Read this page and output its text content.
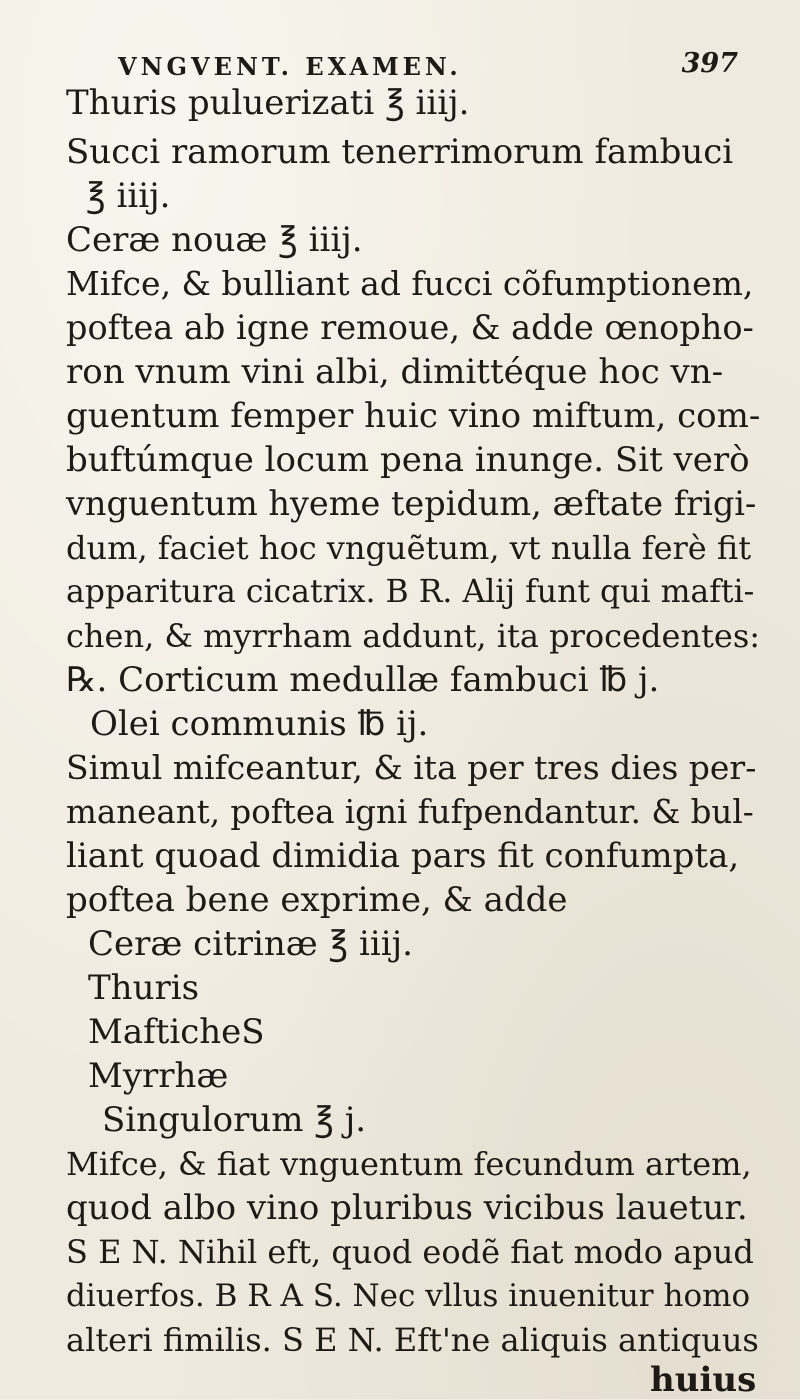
VNGVENT. EXAMEN.	397
Thuris puluerizati ℥ iiij.
Succi ramorum tenerrimorum fambuci
℥ iiij.
Ceræ nouæ ℥ iiij.
Mifce, & bulliant ad fucci cõfumptionem,
poftea ab igne remoue, & adde œnopho-
ron vnum vini albi, dimittéque hoc vn-
guentum femper huic vino miftum, com-
buftúmque locum pena inunge. Sit verò
vnguentum hyeme tepidum, æftate frigi-
dum, faciet hoc vnguẽtum, vt nulla ferè fit
apparitura cicatrix. B R. Alij funt qui mafti-
chen, & myrrham addunt, ita procedentes:
℞. Corticum medullæ fambuci ℔ j.
Olei communis ℔ ij.
Simul mifceantur, & ita per tres dies per-
maneant, poftea igni fufpendantur. & bul-
liant quoad dimidia pars fit confumpta,
poftea bene exprime, & adde
Ceræ citrinæ ℥ iiij.
Thuris
MafticheS
Myrrhæ
Singulorum ℥ j.
Mifce, & fiat vnguentum fecundum artem,
quod albo vino pluribus vicibus lauetur.
S E N. Nihil eft, quod eodẽ fiat modo apud
diuerfos. B R A S. Nec vllus inuenitur homo
alteri fimilis. S E N. Eft'ne aliquis antiquus
huius
